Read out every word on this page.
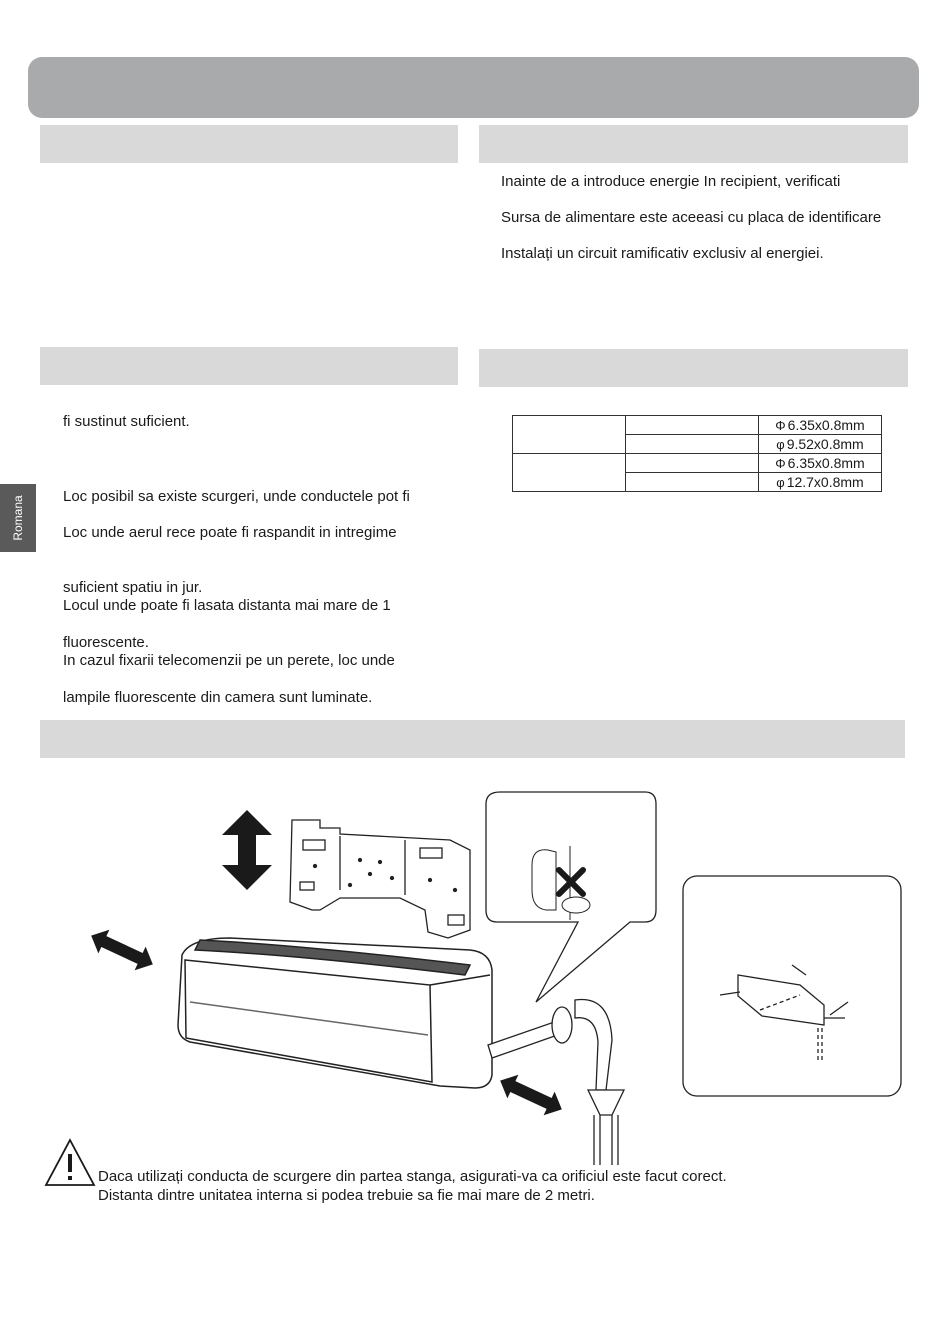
Romana
Inainte de a introduce energie In recipient, verificati
Sursa de alimentare este aceeasi cu placa de identificare
Instalați un circuit ramificativ exclusiv al energiei.
fi sustinut suficient.
Loc posibil sa existe scurgeri, unde conductele pot fi
Loc unde aerul rece poate fi raspandit in intregime
suficient spatiu in jur.
Locul unde poate fi lasata distanta mai mare de 1
fluorescente.
In cazul fixarii telecomenzii pe un perete, loc unde
lampile fluorescente din camera sunt luminate.
		Φ 6.35x0.8mm
		φ 9.52x0.8mm
		Φ 6.35x0.8mm
		φ 12.7x0.8mm
Daca utilizați conducta de scurgere din partea stanga, asigurati-va ca orificiul este facut corect.
Distanta dintre unitatea interna si podea trebuie sa fie mai mare de 2 metri.
